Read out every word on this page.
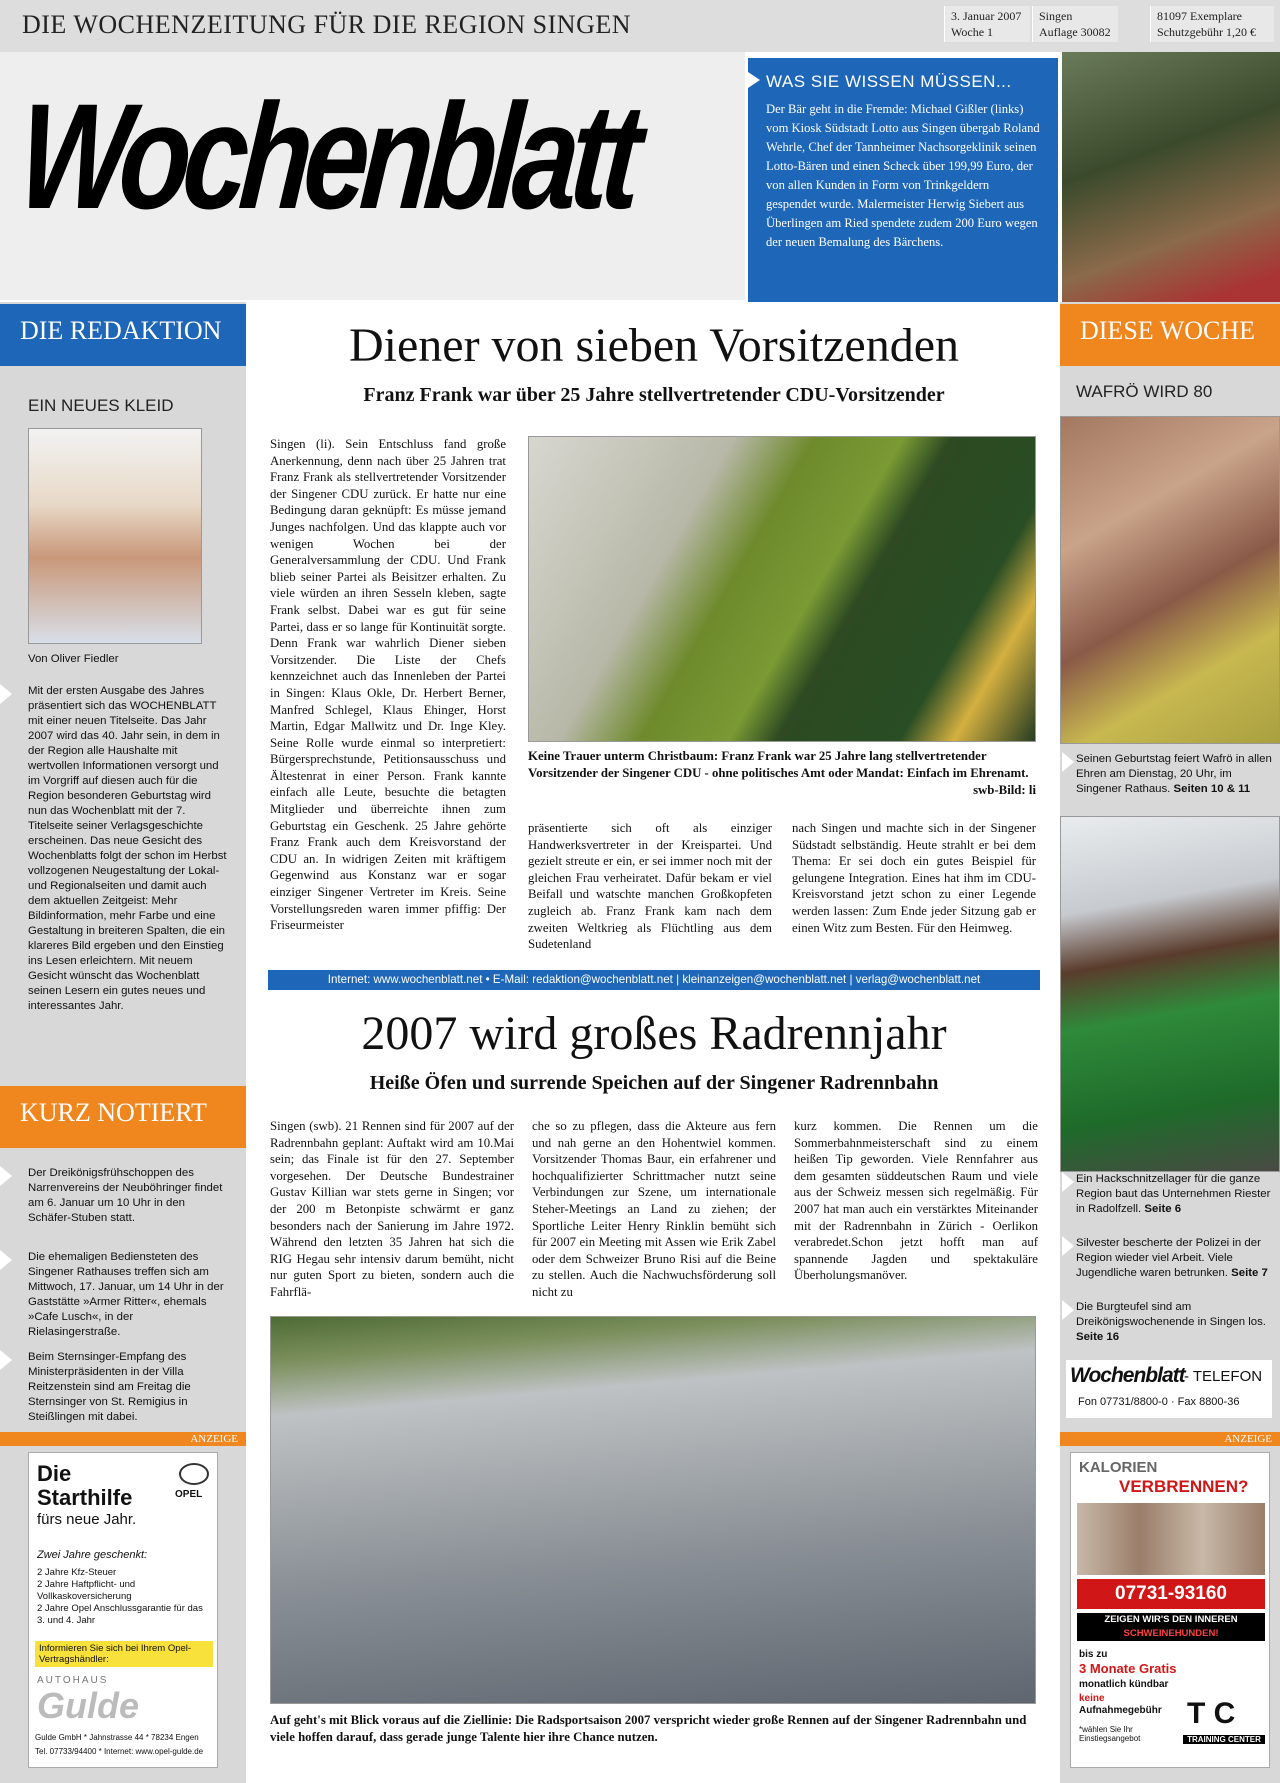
DIE WOCHENZEITUNG FÜR DIE REGION SINGEN	3. Januar 2007
Woche 1
Singen
Auflage 30082
81097 Exemplare
Schutzgebühr 1,20 €
Wochenblatt	WAS SIE WISSEN MÜSSEN...

Der Bär geht in die Fremde: Michael Gißler (links) vom Kiosk Südstadt Lotto aus Singen übergab Roland Wehrle, Chef der Tannheimer Nachsorgeklinik seinen Lotto-Bären und einen Scheck über 199,99 Euro, der von allen Kunden in Form von Trinkgeldern gespendet wurde. Malermeister Herwig Siebert aus Überlingen am Ried spendete zudem 200 Euro wegen der neuen Bemalung des Bärchens.

DIE REDAKTION
EIN NEUES KLEID
Von Oliver Fiedler
Mit der ersten Ausgabe des Jahres präsentiert sich das WOCHENBLATT mit einer neuen Titelseite. Das Jahr 2007 wird das 40. Jahr sein, in dem in der Region alle Haushalte mit wertvollen Informationen versorgt und im Vorgriff auf diesen auch für die Region besonderen Geburtstag wird nun das Wochenblatt mit der 7. Titelseite seiner Verlagsgeschichte erscheinen. Das neue Gesicht des Wochenblatts folgt der schon im Herbst vollzogenen Neugestaltung der Lokal- und Regionalseiten und damit auch dem aktuellen Zeitgeist: Mehr Bildinformation, mehr Farbe und eine Gestaltung in breiteren Spalten, die ein klareres Bild ergeben und den Einstieg ins Lesen erleichtern. Mit neuem Gesicht wünscht das Wochenblatt seinen Lesern ein gutes neues und interessantes Jahr.
KURZ NOTIERT
Der Dreikönigsfrühschoppen des Narrenvereins der Neuböhringer findet am 6. Januar um 10 Uhr in den Schäfer-Stuben statt.
Die ehemaligen Bediensteten des Singener Rathauses treffen sich am Mittwoch, 17. Januar, um 14 Uhr in der Gaststätte »Armer Ritter«, ehemals »Cafe Lusch«, in der Rielasingerstraße.
Beim Sternsinger-Empfang des Ministerpräsidenten in der Villa Reitzenstein sind am Freitag die Sternsinger von St. Remigius in Steißlingen mit dabei.
ANZEIGE
Die
Starthilfe
fürs neue Jahr.
OPEL
Zwei Jahre geschenkt:
2 Jahre Kfz-Steuer
2 Jahre Haftpflicht- und Vollkaskoversicherung
2 Jahre Opel Anschlussgarantie für das 3. und 4. Jahr
Informieren Sie sich bei Ihrem Opel-Vertragshändler:
AUTOHAUS
Gulde
Gulde GmbH * Jahnstrasse 44 * 78234 Engen
Tel. 07733/94400 * Internet: www.opel-gulde.de
Diener von sieben Vorsitzenden
Franz Frank war über 25 Jahre stellvertretender CDU-Vorsitzender
Singen (li). Sein Entschluss fand große Anerkennung, denn nach über 25 Jahren trat Franz Frank als stellvertretender Vorsitzender der Singener CDU zurück. Er hatte nur eine Bedingung daran geknüpft: Es müsse jemand Junges nachfolgen. Und das klappte auch vor wenigen Wochen bei der Generalversammlung der CDU. Und Frank blieb seiner Partei als Beisitzer erhalten. Zu viele würden an ihren Sesseln kleben, sagte Frank selbst. Dabei war es gut für seine Partei, dass er so lange für Kontinuität sorgte. Denn Frank war wahrlich Diener sieben Vorsitzender. Die Liste der Chefs kennzeichnet auch das Innenleben der Partei in Singen: Klaus Okle, Dr. Herbert Berner, Manfred Schlegel, Klaus Ehinger, Horst Martin, Edgar Mallwitz und Dr. Inge Kley. Seine Rolle wurde einmal so interpretiert: Bürgersprechstunde, Petitionsausschuss und Ältestenrat in einer Person. Frank kannte einfach alle Leute, besuchte die betagten Mitglieder und überreichte ihnen zum Geburtstag ein Geschenk. 25 Jahre gehörte Franz Frank auch dem Kreisvorstand der CDU an. In widrigen Zeiten mit kräftigem Gegenwind aus Konstanz war er sogar einziger Singener Vertreter im Kreis. Seine Vorstellungsreden waren immer pfiffig: Der Friseurmeister
Keine Trauer unterm Christbaum: Franz Frank war 25 Jahre lang stellvertretender Vorsitzender der Singener CDU - ohne politisches Amt oder Mandat: Einfach im Ehrenamt.
swb-Bild: li
präsentierte sich oft als einziger Handwerksvertreter in der Kreispartei. Und gezielt streute er ein, er sei immer noch mit der gleichen Frau verheiratet. Dafür bekam er viel Beifall und watschte manchen Großkopfeten zugleich ab. Franz Frank kam nach dem zweiten Weltkrieg als Flüchtling aus dem Sudetenland
nach Singen und machte sich in der Singener Südstadt selbständig. Heute strahlt er bei dem Thema: Er sei doch ein gutes Beispiel für gelungene Integration. Eines hat ihm im CDU-Kreisvorstand jetzt schon zu einer Legende werden lassen: Zum Ende jeder Sitzung gab er einen Witz zum Besten. Für den Heimweg.
Internet: www.wochenblatt.net • E-Mail: redaktion@wochenblatt.net | kleinanzeigen@wochenblatt.net | verlag@wochenblatt.net
2007 wird großes Radrennjahr
Heiße Öfen und surrende Speichen auf der Singener Radrennbahn
Singen (swb). 21 Rennen sind für 2007 auf der Radrennbahn geplant: Auftakt wird am 10.Mai sein; das Finale ist für den 27. September vorgesehen. Der Deutsche Bundestrainer Gustav Killian war stets gerne in Singen; vor der 200 m Betonpiste schwärmt er ganz besonders nach der Sanierung im Jahre 1972. Während den letzten 35 Jahren hat sich die RIG Hegau sehr intensiv darum bemüht, nicht nur guten Sport zu bieten, sondern auch die Fahrflä-
che so zu pflegen, dass die Akteure aus fern und nah gerne an den Hohentwiel kommen. Vorsitzender Thomas Baur, ein erfahrener und hochqualifizierter Schrittmacher nutzt seine Verbindungen zur Szene, um internationale Steher-Meetings an Land zu ziehen; der Sportliche Leiter Henry Rinklin bemüht sich für 2007 ein Meeting mit Assen wie Erik Zabel oder dem Schweizer Bruno Risi auf die Beine zu stellen. Auch die Nachwuchsförderung soll nicht zu
kurz kommen. Die Rennen um die Sommerbahnmeisterschaft sind zu einem heißen Tip geworden. Viele Rennfahrer aus dem gesamten süddeutschen Raum und viele aus der Schweiz messen sich regelmäßig. Für 2007 hat man auch ein verstärktes Miteinander mit der Radrennbahn in Zürich - Oerlikon verabredet.Schon jetzt hofft man auf spannende Jagden und spektakuläre Überholungsmanöver.
Auf geht's mit Blick voraus auf die Ziellinie: Die Radsportsaison 2007 verspricht wieder große Rennen auf der Singener Radrennbahn und viele hoffen darauf, dass gerade junge Talente hier ihre Chance nutzen.
DIESE WOCHE
WAFRÖ WIRD 80
Seinen Geburtstag feiert Wafrö in allen Ehren am Dienstag, 20 Uhr, im Singener Rathaus. Seiten 10 & 11
Ein Hackschnitzellager für die ganze Region baut das Unternehmen Riester in Radolfzell. Seite 6
Silvester bescherte der Polizei in der Region wieder viel Arbeit. Viele Jugendliche waren betrunken. Seite 7
Die Burgteufel sind am Dreikönigswochenende in Singen los. Seite 16
Wochenblatt - TELEFON
Fon 07731/8800-0 · Fax 8800-36
ANZEIGE
KALORIEN
VERBRENNEN?
07731-93160
ZEIGEN WIR'S DEN INNEREN
SCHWEINEHUNDEN!
bis zu
3 Monate Gratis
monatlich kündbar
keine
Aufnahmegebühr
*wählen Sie Ihr Einstiegsangebot
T C
TRAINING CENTER
